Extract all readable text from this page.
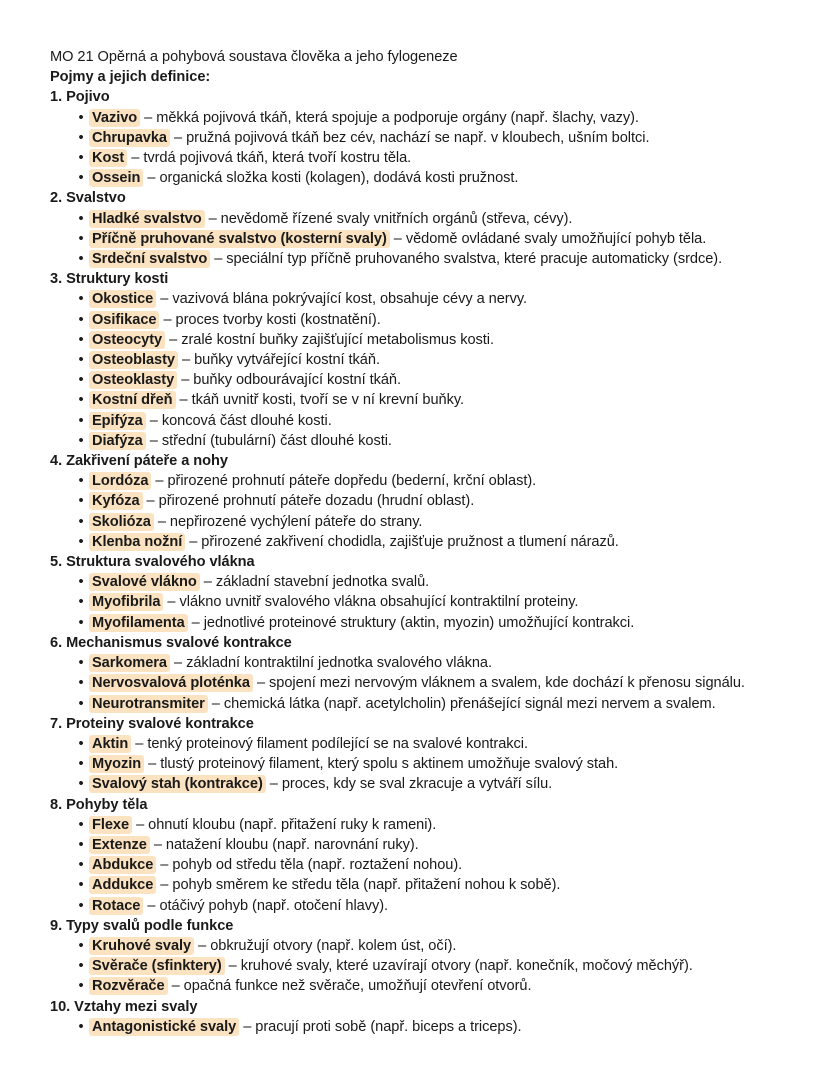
MO 21 Opěrná a pohybová soustava člověka a jeho fylogeneze
Pojmy a jejich definice:
1. Pojivo
• Vazivo – měkká pojivová tkáň, která spojuje a podporuje orgány (např. šlachy, vazy).
• Chrupavka – pružná pojivová tkáň bez cév, nachází se např. v kloubech, ušním boltci.
• Kost – tvrdá pojivová tkáň, která tvoří kostru těla.
• Ossein – organická složka kosti (kolagen), dodává kosti pružnost.
2. Svalstvo
• Hladké svalstvo – nevědomě řízené svaly vnitřních orgánů (střeva, cévy).
• Příčně pruhované svalstvo (kosterní svaly) – vědomě ovládané svaly umožňující pohyb těla.
• Srdeční svalstvo – speciální typ příčně pruhovaného svalstva, které pracuje automaticky (srdce).
3. Struktury kosti
• Okostice – vazivová blána pokrývající kost, obsahuje cévy a nervy.
• Osifikace – proces tvorby kosti (kostnatění).
• Osteocyty – zralé kostní buňky zajišťující metabolismus kosti.
• Osteoblasty – buňky vytvářející kostní tkáň.
• Osteoklasty – buňky odbourávající kostní tkáň.
• Kostní dřeň – tkáň uvnitř kosti, tvoří se v ní krevní buňky.
• Epifýza – koncová část dlouhé kosti.
• Diafýza – střední (tubulární) část dlouhé kosti.
4. Zakřivení páteře a nohy
• Lordóza – přirozené prohnutí páteře dopředu (bederní, krční oblast).
• Kyfóza – přirozené prohnutí páteře dozadu (hrudní oblast).
• Skolióza – nepřirozené vychýlení páteře do strany.
• Klenba nožní – přirozené zakřivení chodidla, zajišťuje pružnost a tlumení nárazů.
5. Struktura svalového vlákna
• Svalové vlákno – základní stavební jednotka svalů.
• Myofibrila – vlákno uvnitř svalového vlákna obsahující kontraktilní proteiny.
• Myofilamenta – jednotlivé proteinové struktury (aktin, myozin) umožňující kontrakci.
6. Mechanismus svalové kontrakce
• Sarkomera – základní kontraktilní jednotka svalového vlákna.
• Nervosvalová ploténka – spojení mezi nervovým vláknem a svalem, kde dochází k přenosu signálu.
• Neurotransmiter – chemická látka (např. acetylcholin) přenášející signál mezi nervem a svalem.
7. Proteiny svalové kontrakce
• Aktin – tenký proteinový filament podílející se na svalové kontrakci.
• Myozin – tlustý proteinový filament, který spolu s aktinem umožňuje svalový stah.
• Svalový stah (kontrakce) – proces, kdy se sval zkracuje a vytváří sílu.
8. Pohyby těla
• Flexe – ohnutí kloubu (např. přitažení ruky k rameni).
• Extenze – natažení kloubu (např. narovnání ruky).
• Abdukce – pohyb od středu těla (např. roztažení nohou).
• Addukce – pohyb směrem ke středu těla (např. přitažení nohou k sobě).
• Rotace – otáčivý pohyb (např. otočení hlavy).
9. Typy svalů podle funkce
• Kruhové svaly – obkružují otvory (např. kolem úst, očí).
• Svěrače (sfinktery) – kruhové svaly, které uzavírají otvory (např. konečník, močový měchýř).
• Rozvěrače – opačná funkce než svěrače, umožňují otevření otvorů.
10. Vztahy mezi svaly
• Antagonistické svaly – pracují proti sobě (např. biceps a triceps).
